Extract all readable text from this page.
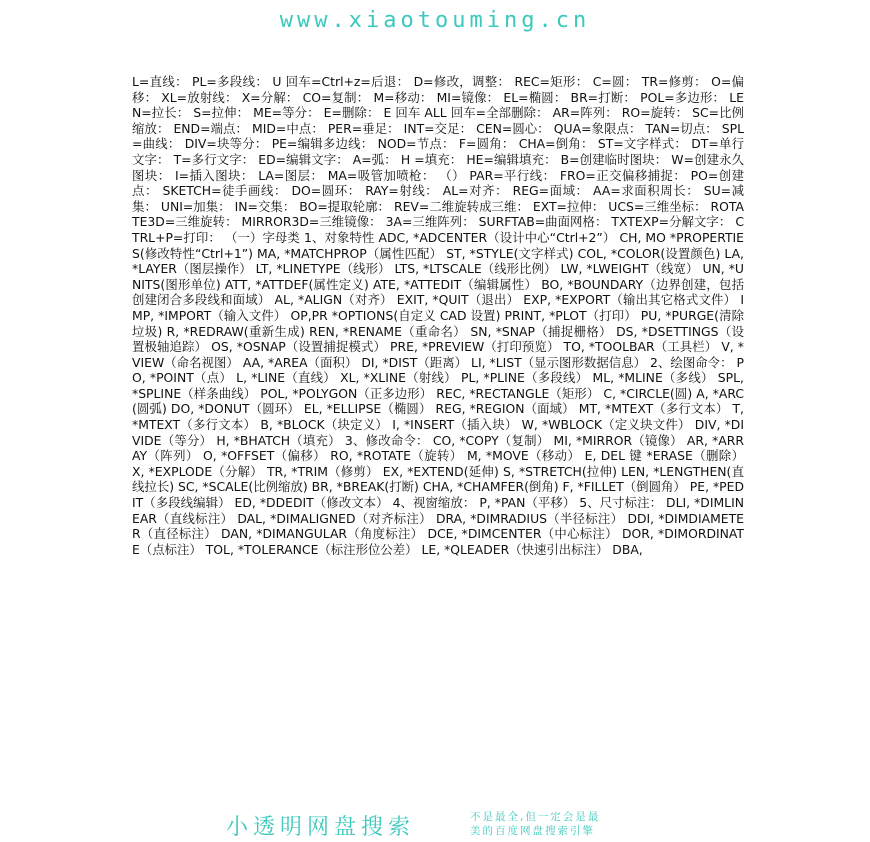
www.xiaotouming.cn
L=直线： PL=多段线： U 回车=Ctrl+z=后退： D=修改，调整： REC=矩形： C=圆： TR=修剪： O=偏移： XL=放射线： X=分解： CO=复制： M=移动： MI=镜像： EL=椭圆： BR=打断： POL=多边形： LEN=拉长： S=拉伸： ME=等分： E=删除： E 回车 ALL 回车=全部删除： AR=阵列： RO=旋转： SC=比例缩放： END=端点： MID=中点： PER=垂足： INT=交足： CEN=圆心： QUA=象限点： TAN=切点： SPL=曲线： DIV=块等分： PE=编辑多边线： NOD=节点： F=圆角： CHA=倒角： ST=文字样式： DT=单行文字： T=多行文字： ED=编辑文字： A=弧： H =填充： HE=编辑填充： B=创建临时图块： W=创建永久图块： I=插入图块： LA=图层： MA=吸管加喷枪： （） PAR=平行线： FRO=正交偏移捕捉： PO=创建点： SKETCH=徒手画线： DO=圆环： RAY=射线： AL=对齐： REG=面域： AA=求面积周长： SU=减集： UNI=加集： IN=交集： BO=提取轮廓： REV=二维旋转成三维： EXT=拉伸： UCS=三维坐标： ROTATE3D=三维旋转： MIRROR3D=三维镜像： 3A=三维阵列： SURFTAB=曲面网格： TXTEXP=分解文字： CTRL+P=打印： （一）字母类 1、对象特性 ADC, *ADCENTER（设计中心“Ctrl+2”） CH, MO *PROPERTIES(修改特性“Ctrl+1”) MA, *MATCHPROP（属性匹配） ST, *STYLE(文字样式) COL, *COLOR(设置颜色) LA, *LAYER（图层操作） LT, *LINETYPE（线形） LTS, *LTSCALE（线形比例） LW, *LWEIGHT（线宽） UN, *UNITS(图形单位) ATT, *ATTDEF(属性定义) ATE, *ATTEDIT（编辑属性） BO, *BOUNDARY（边界创建，包括创建闭合多段线和面域） AL, *ALIGN（对齐） EXIT, *QUIT（退出） EXP, *EXPORT（输出其它格式文件） IMP, *IMPORT（输入文件） OP,PR *OPTIONS(自定义 CAD 设置) PRINT, *PLOT（打印） PU, *PURGE(清除垃圾) R, *REDRAW(重新生成) REN, *RENAME（重命名） SN, *SNAP（捕捉栅格） DS, *DSETTINGS（设置极轴追踪） OS, *OSNAP（设置捕捉模式） PRE, *PREVIEW（打印预览） TO, *TOOLBAR（工具栏） V, *VIEW（命名视图） AA, *AREA（面积） DI, *DIST（距离） LI, *LIST（显示图形数据信息） 2、绘图命令： PO, *POINT（点） L, *LINE（直线） XL, *XLINE（射线） PL, *PLINE（多段线） ML, *MLINE（多线） SPL, *SPLINE（样条曲线） POL, *POLYGON（正多边形） REC, *RECTANGLE（矩形） C, *CIRCLE(圆) A, *ARC(圆弧) DO, *DONUT（圆环） EL, *ELLIPSE（椭圆） REG, *REGION（面域） MT, *MTEXT（多行文本） T, *MTEXT（多行文本） B, *BLOCK（块定义） I, *INSERT（插入块） W, *WBLOCK（定义块文件） DIV, *DIVIDE（等分） H, *BHATCH（填充） 3、修改命令： CO, *COPY（复制） MI, *MIRROR（镜像） AR, *ARRAY（阵列） O, *OFFSET（偏移） RO, *ROTATE（旋转） M, *MOVE（移动） E, DEL 键 *ERASE（删除） X, *EXPLODE（分解） TR, *TRIM（修剪） EX, *EXTEND(延伸) S, *STRETCH(拉伸) LEN, *LENGTHEN(直线拉长) SC, *SCALE(比例缩放) BR, *BREAK(打断) CHA, *CHAMFER(倒角) F, *FILLET（倒圆角） PE, *PEDIT（多段线编辑） ED, *DDEDIT（修改文本） 4、视窗缩放： P, *PAN（平移） 5、尺寸标注： DLI, *DIMLINEAR（直线标注） DAL, *DIMALIGNED（对齐标注） DRA, *DIMRADIUS（半径标注） DDI, *DIMDIAMETER（直径标注） DAN, *DIMANGULAR（角度标注） DCE, *DIMCENTER（中心标注） DOR, *DIMORDINATE（点标注） TOL, *TOLERANCE（标注形位公差） LE, *QLEADER（快速引出标注） DBA,
小透明网盘搜索	不是最全,但一定会是最
美的百度网盘搜索引擎
